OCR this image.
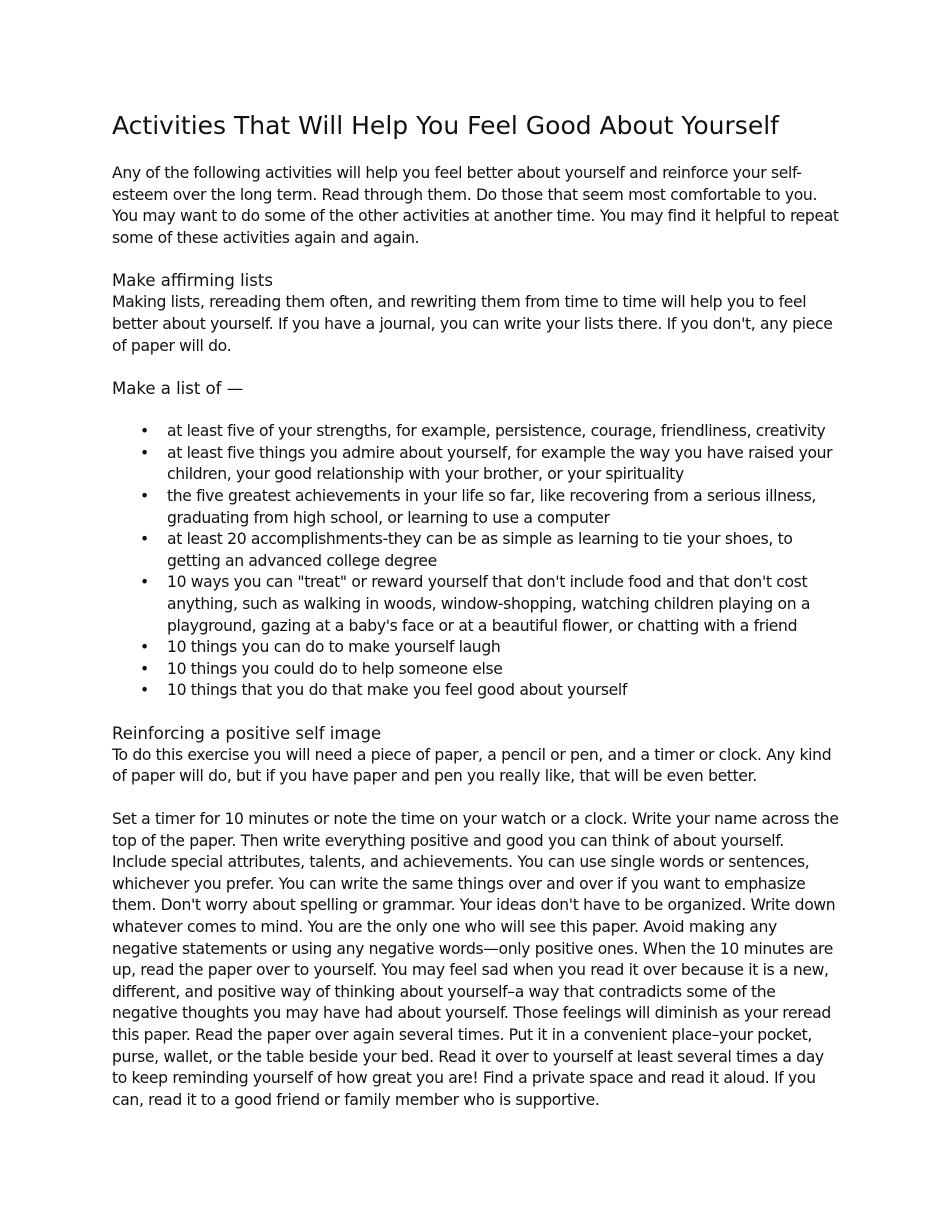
Activities That Will Help You Feel Good About Yourself

Any of the following activities will help you feel better about yourself and reinforce your self-esteem over the long term. Read through them. Do those that seem most comfortable to you. You may want to do some of the other activities at another time. You may find it helpful to repeat some of these activities again and again.

Make affirming lists

Making lists, rereading them often, and rewriting them from time to time will help you to feel better about yourself. If you have a journal, you can write your lists there. If you don't, any piece of paper will do.

Make a list of —

• at least five of your strengths, for example, persistence, courage, friendliness, creativity
• at least five things you admire about yourself, for example the way you have raised your children, your good relationship with your brother, or your spirituality
• the five greatest achievements in your life so far, like recovering from a serious illness, graduating from high school, or learning to use a computer
• at least 20 accomplishments-they can be as simple as learning to tie your shoes, to getting an advanced college degree
• 10 ways you can "treat" or reward yourself that don't include food and that don't cost anything, such as walking in woods, window-shopping, watching children playing on a playground, gazing at a baby's face or at a beautiful flower, or chatting with a friend
• 10 things you can do to make yourself laugh
• 10 things you could do to help someone else
• 10 things that you do that make you feel good about yourself
Reinforcing a positive self image

To do this exercise you will need a piece of paper, a pencil or pen, and a timer or clock. Any kind of paper will do, but if you have paper and pen you really like, that will be even better.

Set a timer for 10 minutes or note the time on your watch or a clock. Write your name across the top of the paper. Then write everything positive and good you can think of about yourself. Include special attributes, talents, and achievements. You can use single words or sentences, whichever you prefer. You can write the same things over and over if you want to emphasize them. Don't worry about spelling or grammar. Your ideas don't have to be organized. Write down whatever comes to mind. You are the only one who will see this paper. Avoid making any negative statements or using any negative words—only positive ones. When the 10 minutes are up, read the paper over to yourself. You may feel sad when you read it over because it is a new, different, and positive way of thinking about yourself–a way that contradicts some of the negative thoughts you may have had about yourself. Those feelings will diminish as your reread this paper. Read the paper over again several times. Put it in a convenient place–your pocket, purse, wallet, or the table beside your bed. Read it over to yourself at least several times a day to keep reminding yourself of how great you are! Find a private space and read it aloud. If you can, read it to a good friend or family member who is supportive.
